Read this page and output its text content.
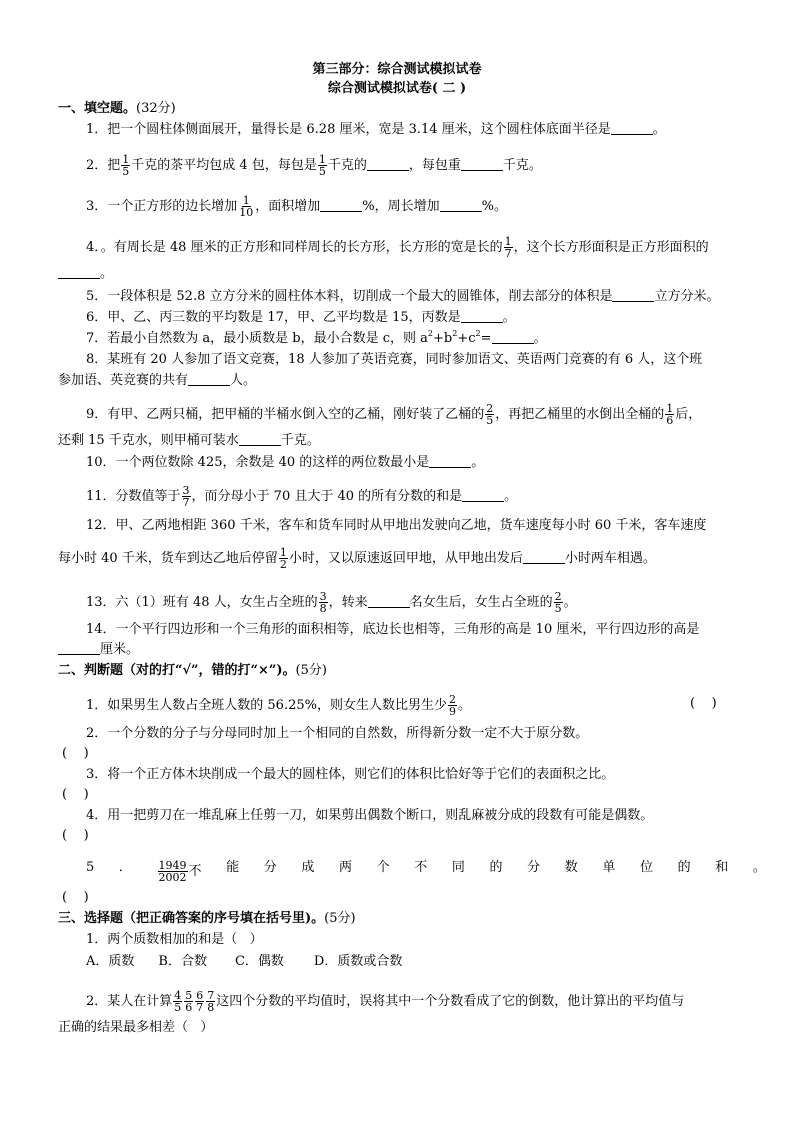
第三部分：综合测试模拟试卷
综合测试模拟试卷( 二 )
一、填空题。(32分)
1．把一个圆柱体侧面展开，量得长是 6.28 厘米，宽是 3.14 厘米，这个圆柱体底面半径是	。
2．把 $\frac{1}{5}$ 千克的茶平均包成 4 包，每包是 $\frac{1}{5}$ 千克的	，每包重	千克。
3．一个正方形的边长增加 $\frac{1}{10}$ ，面积增加	%，周长增加	%。
4．。有周长是 48 厘米的正方形和同样周长的长方形，长方形的宽是长的 $\frac{1}{7}$ ，这个长方形面积是正方形面积的
。
5．一段体积是 52.8 立方分米的圆柱体木料，切削成一个最大的圆锥体，削去部分的体积是	立方分米。
6．甲、乙、丙三数的平均数是 17，甲、乙平均数是 15，丙数是	。
7．若最小自然数为 a，最小质数是 b，最小合数是 c，则 $a^2+b^2+c^2=$	。
8．某班有 20 人参加了语文竞赛，18 人参加了英语竞赛，同时参加语文、英语两门竞赛的有 6 人，这个班
参加语、英竞赛的共有	人。
9．有甲、乙两只桶，把甲桶的半桶水倒入空的乙桶，刚好装了乙桶的 $\frac{2}{5}$ ，再把乙桶里的水倒出全桶的 $\frac{1}{6}$ 后，
还剩 15 千克水，则甲桶可装水	千克。
10．一个两位数除 425，余数是 40 的这样的两位数最小是	。
11．分数值等于 $\frac{3}{7}$ ，而分母小于 70 且大于 40 的所有分数的和是	。
12．甲、乙两地相距 360 千米，客车和货车同时从甲地出发驶向乙地，货车速度每小时 60 千米，客车速度
每小时 40 千米，货车到达乙地后停留 $\frac{1}{2}$ 小时，又以原速返回甲地，从甲地出发后	小时两车相遇。
13．六（1）班有 48 人，女生占全班的 $\frac{3}{8}$ ，转来	名女生后，女生占全班的 $\frac{2}{5}$ 。
14．一个平行四边形和一个三角形的面积相等，底边长也相等，三角形的高是 10 厘米，平行四边形的高是
厘米。
二、判断题（对的打“√”，错的打“×”)。(5分)
1．如果男生人数占全班人数的 56.25%，则女生人数比男生少 $\frac{2}{9}$ 。	(    )
2．一个分数的分子与分母同时加上一个相同的自然数，所得新分数一定不大于原分数。
(    )
3．将一个正方体木块削成一个最大的圆柱体，则它们的体积比恰好等于它们的表面积之比。
(    )
4．用一把剪刀在一堆乱麻上任剪一刀，如果剪出偶数个断口，则乱麻被分成的段数有可能是偶数。
(    )
5 ． $\frac{1949}{2002}$ 不 能 分 成 两 个 不 同 的 分 数 单 位 的 和 。
(    )
三、选择题（把正确答案的序号填在括号里)。(5分)
1．两个质数相加的和是（   ）
A．质数 B．合数 C．偶数 D．质数或合数
2．某人在计算 $\frac{4}{5} \frac{5}{6} \frac{6}{7} \frac{7}{8}$ 这四个分数的平均值时，误将其中一个分数看成了它的倒数，他计算出的平均值与
正确的结果最多相差（   ）
